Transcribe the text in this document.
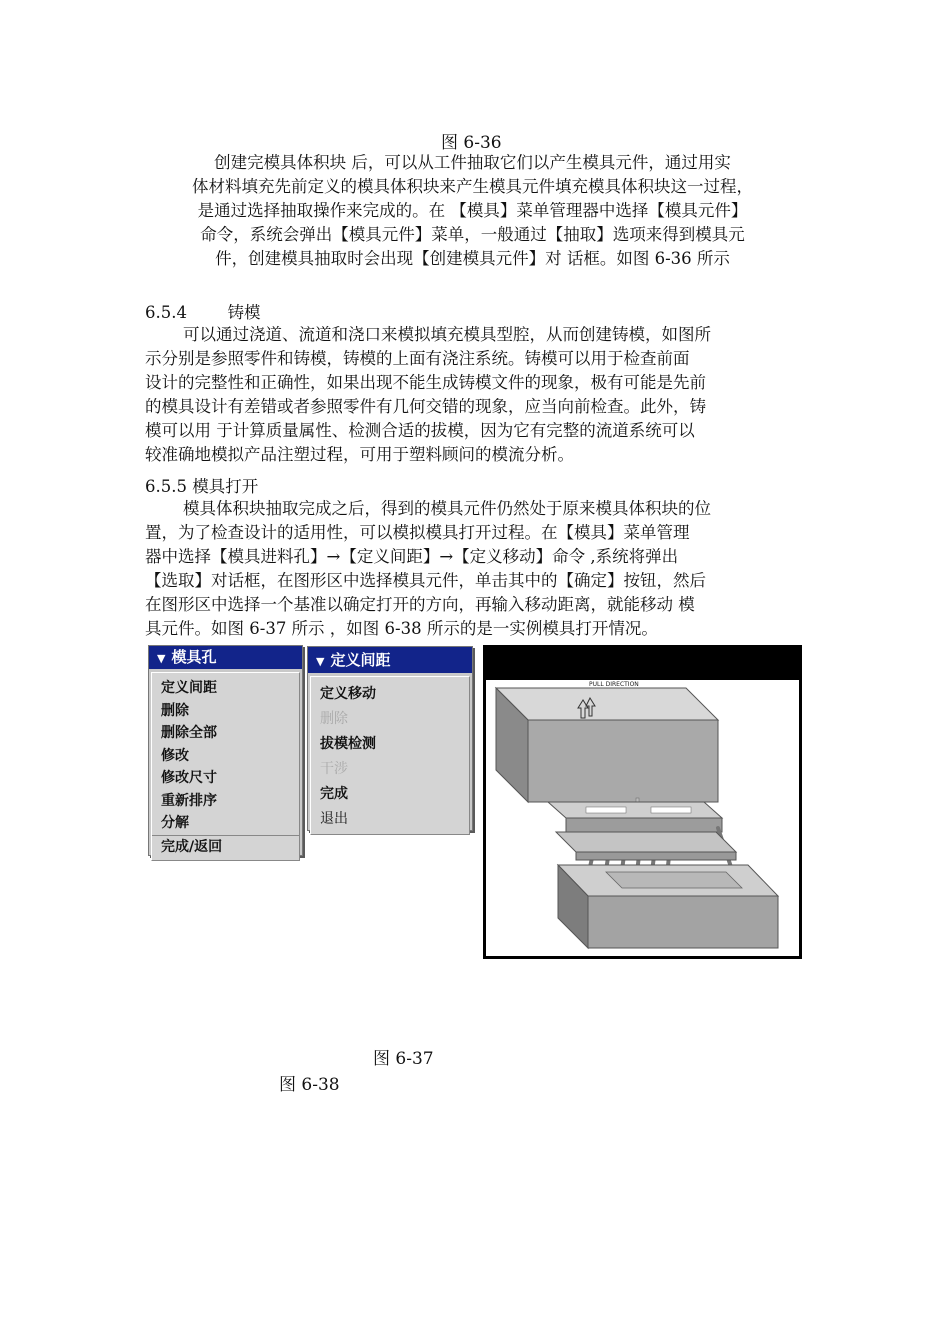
图 6-36
创建完模具体积块 后，可以从工件抽取它们以产生模具元件，通过用实
体材料填充先前定义的模具体积块来产生模具元件填充模具体积块这一过程，
是通过选择抽取操作来完成的。在 【模具】菜单管理器中选择【模具元件】
命令，系统会弹出【模具元件】菜单，一般通过【抽取】选项来得到模具元
件，创建模具抽取时会出现【创建模具元件】对 话框。如图 6-36 所示
6.5.4 铸模
可以通过浇道、流道和浇口来模拟填充模具型腔，从而创建铸模，如图所
示分别是参照零件和铸模，铸模的上面有浇注系统。铸模可以用于检查前面
设计的完整性和正确性，如果出现不能生成铸模文件的现象，极有可能是先前
的模具设计有差错或者参照零件有几何交错的现象，应当向前检查。此外，铸
模可以用 于计算质量属性、检测合适的拔模，因为它有完整的流道系统可以
较准确地模拟产品注塑过程，可用于塑料顾问的模流分析。
6.5.5 模具打开
模具体积块抽取完成之后，得到的模具元件仍然处于原来模具体积块的位
置，为了检查设计的适用性，可以模拟模具打开过程。在【模具】菜单管理
器中选择【模具进料孔】→【定义间距】→【定义移动】命令 ,系统将弹出
【选取】对话框，在图形区中选择模具元件，单击其中的【确定】按钮，然后
在图形区中选择一个基准以确定打开的方向，再输入移动距离，就能移动 模
具元件。如图 6-37 所示 ，如图 6-38 所示的是一实例模具打开情况。
▼ 模具孔
定义间距
删除
删除全部
修改
修改尺寸
重新排序
分解
完成/返回
▼ 定义间距
定义移动
删除
拔模检测
干涉
完成
退出
PULL DIRECTION
图 6-37
图 6-38
